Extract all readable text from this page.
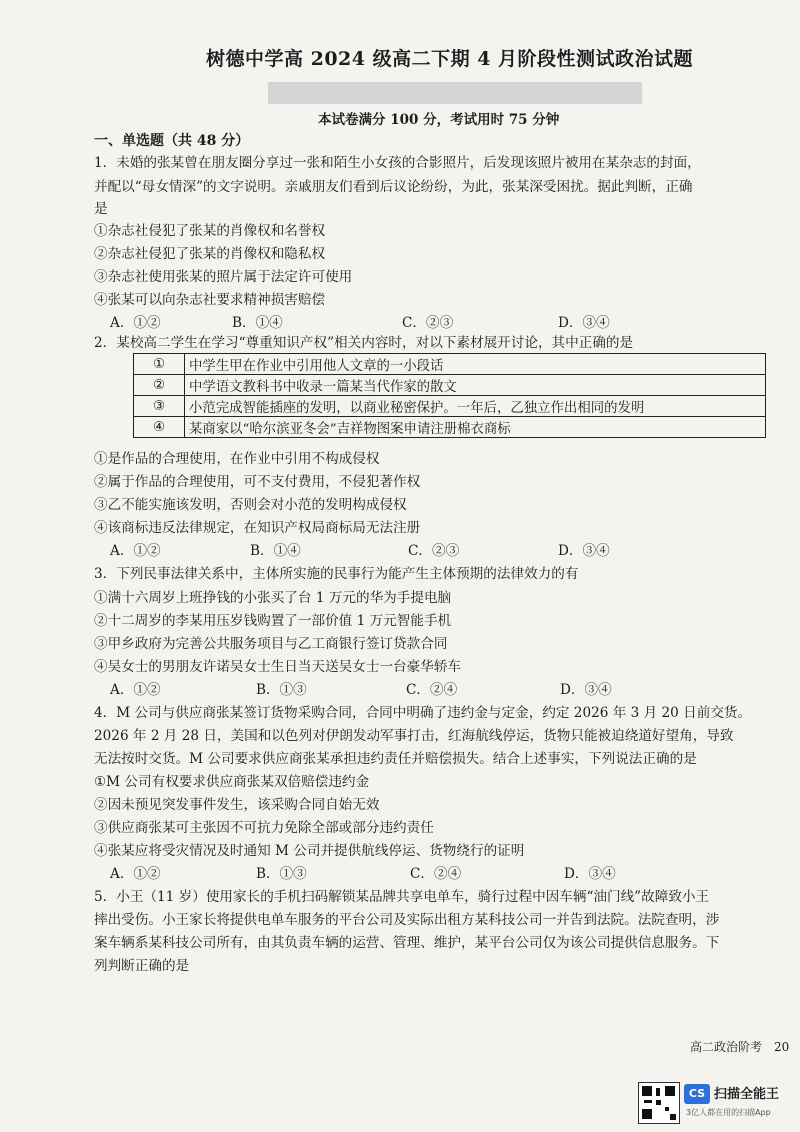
树德中学高 2024 级高二下期 4 月阶段性测试政治试题
本试卷满分 100 分，考试用时 75 分钟
一、单选题（共 48 分）
1．未婚的张某曾在朋友圈分享过一张和陌生小女孩的合影照片，后发现该照片被用在某杂志的封面，
并配以“母女情深”的文字说明。亲戚朋友们看到后议论纷纷，为此，张某深受困扰。据此判断，正确
是
①杂志社侵犯了张某的肖像权和名誉权
②杂志社侵犯了张某的肖像权和隐私权
③杂志社使用张某的照片属于法定许可使用
④张某可以向杂志社要求精神损害赔偿
A．①②	B．①④	C．②③	D．③④
2．某校高二学生在学习“尊重知识产权”相关内容时，对以下素材展开讨论，其中正确的是
①	中学生甲在作业中引用他人文章的一小段话
②	中学语文教科书中收录一篇某当代作家的散文
③	小范完成智能插座的发明，以商业秘密保护。一年后，乙独立作出相同的发明
④	某商家以“哈尔滨亚冬会”吉祥物图案申请注册棉衣商标
①是作品的合理使用，在作业中引用不构成侵权
②属于作品的合理使用，可不支付费用，不侵犯著作权
③乙不能实施该发明，否则会对小范的发明构成侵权
④该商标违反法律规定，在知识产权局商标局无法注册
A．①②	B．①④	C．②③	D．③④
3．下列民事法律关系中，主体所实施的民事行为能产生主体预期的法律效力的有
①满十六周岁上班挣钱的小张买了台 1 万元的华为手提电脑
②十二周岁的李某用压岁钱购置了一部价值 1 万元智能手机
③甲乡政府为完善公共服务项目与乙工商银行签订贷款合同
④吴女士的男朋友许诺吴女士生日当天送吴女士一台豪华轿车
A．①②	B．①③	C．②④	D．③④
4．M 公司与供应商张某签订货物采购合同，合同中明确了违约金与定金，约定 2026 年 3 月 20 日前交货。
2026 年 2 月 28 日，美国和以色列对伊朗发动军事打击，红海航线停运，货物只能被迫绕道好望角，导致
无法按时交货。M 公司要求供应商张某承担违约责任并赔偿损失。结合上述事实，下列说法正确的是
①M 公司有权要求供应商张某双倍赔偿违约金
②因未预见突发事件发生，该采购合同自始无效
③供应商张某可主张因不可抗力免除全部或部分违约责任
④张某应将受灾情况及时通知 M 公司并提供航线停运、货物绕行的证明
A．①②	B．①③	C．②④	D．③④
5．小王（11 岁）使用家长的手机扫码解锁某品牌共享电单车，骑行过程中因车辆“油门线”故障致小王
摔出受伤。小王家长将提供电单车服务的平台公司及实际出租方某科技公司一并告到法院。法院查明，涉
案车辆系某科技公司所有，由其负责车辆的运营、管理、维护，某平台公司仅为该公司提供信息服务。下
列判断正确的是
高二政治阶考　20
CS 扫描全能王
3亿人都在用的扫描App
